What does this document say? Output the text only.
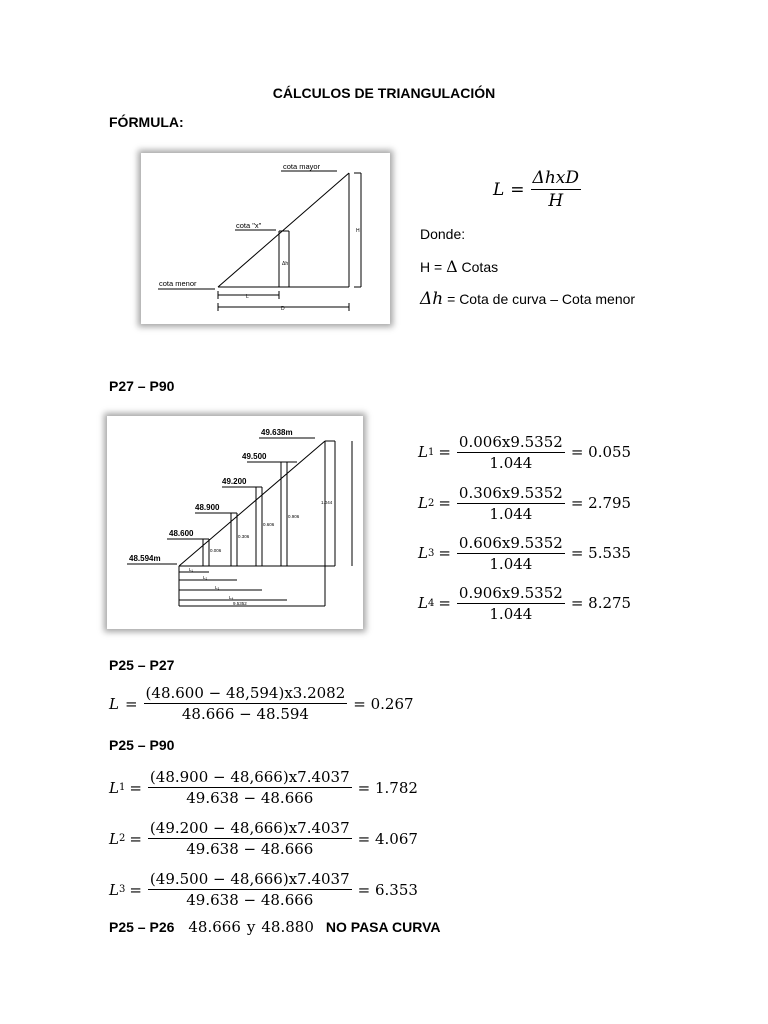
CÁLCULOS DE TRIANGULACIÓN
FÓRMULA:
cota mayor
cota "x"
cota menor
H
Δh
L
D
$L = \frac{\text{ΔhxD}}{H}$
Donde:
H = Δ Cotas
Δh = Cota de curva – Cota menor
P27 – P90
48.594m
48.600
48.900
49.200
49.500
49.638m
0.006
0.306
0.606
0.906
1.044
L₁
L₂
L₃
L₄
9.5352
L $1 = \frac{0.006x9.5352}{1.044} = 0.055$
L $2 = \frac{0.306x9.5352}{1.044} = 2.795$
L $3 = \frac{0.606x9.5352}{1.044} = 5.535$
L $4 = \frac{0.906x9.5352}{1.044} = 8.275$
P25 – P27
$L = \frac{(48.600 - 48,594)x3.2082}{48.666 - 48.594} = 0.267$
P25 – P90
L $1 = \frac{(48.900 - 48,666)x7.4037}{49.638 - 48.666} = 1.782$
L $2 = \frac{(49.200 - 48,666)x7.4037}{49.638 - 48.666} = 4.067$
L $3 = \frac{(49.500 - 48,666)x7.4037}{49.638 - 48.666} = 6.353$
P25 – P26 48.666 y 48.880 NO PASA CURVA
